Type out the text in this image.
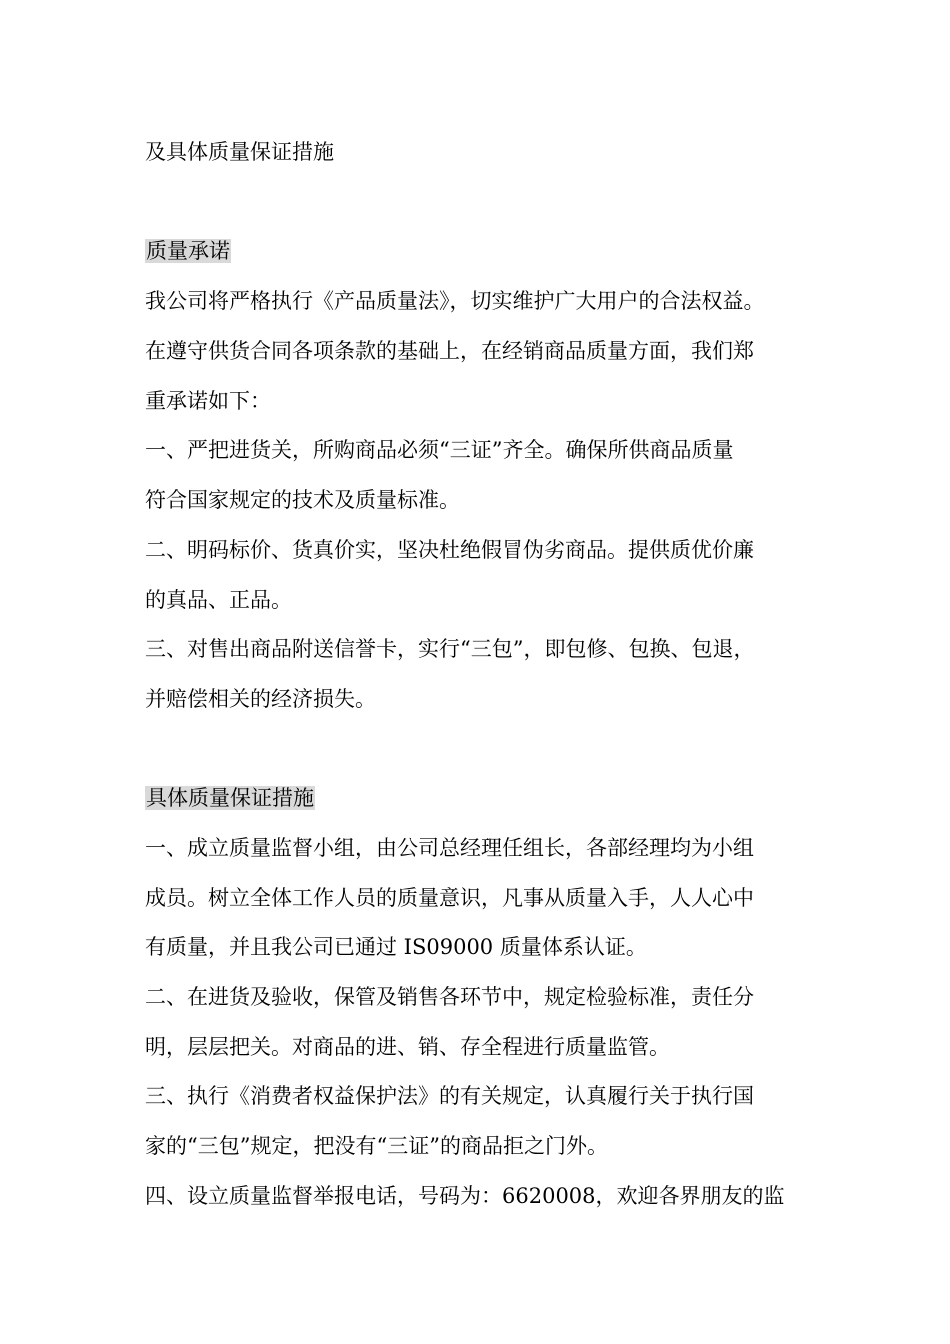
及具体质量保证措施
质量承诺
我公司将严格执行《产品质量法》，切实维护广大用户的合法权益。
在遵守供货合同各项条款的基础上，在经销商品质量方面，我们郑
重承诺如下：
一、严把进货关，所购商品必须“三证”齐全。确保所供商品质量
符合国家规定的技术及质量标准。
二、明码标价、货真价实，坚决杜绝假冒伪劣商品。提供质优价廉
的真品、正品。
三、对售出商品附送信誉卡，实行“三包”，即包修、包换、包退，
并赔偿相关的经济损失。
具体质量保证措施
一、成立质量监督小组，由公司总经理任组长，各部经理均为小组
成员。树立全体工作人员的质量意识，凡事从质量入手，人人心中
有质量，并且我公司已通过 IS09000 质量体系认证。
二、在进货及验收，保管及销售各环节中，规定检验标准，责任分
明，层层把关。对商品的进、销、存全程进行质量监管。
三、执行《消费者权益保护法》的有关规定，认真履行关于执行国
家的“三包”规定，把没有“三证”的商品拒之门外。
四、设立质量监督举报电话，号码为：6620008，欢迎各界朋友的监
